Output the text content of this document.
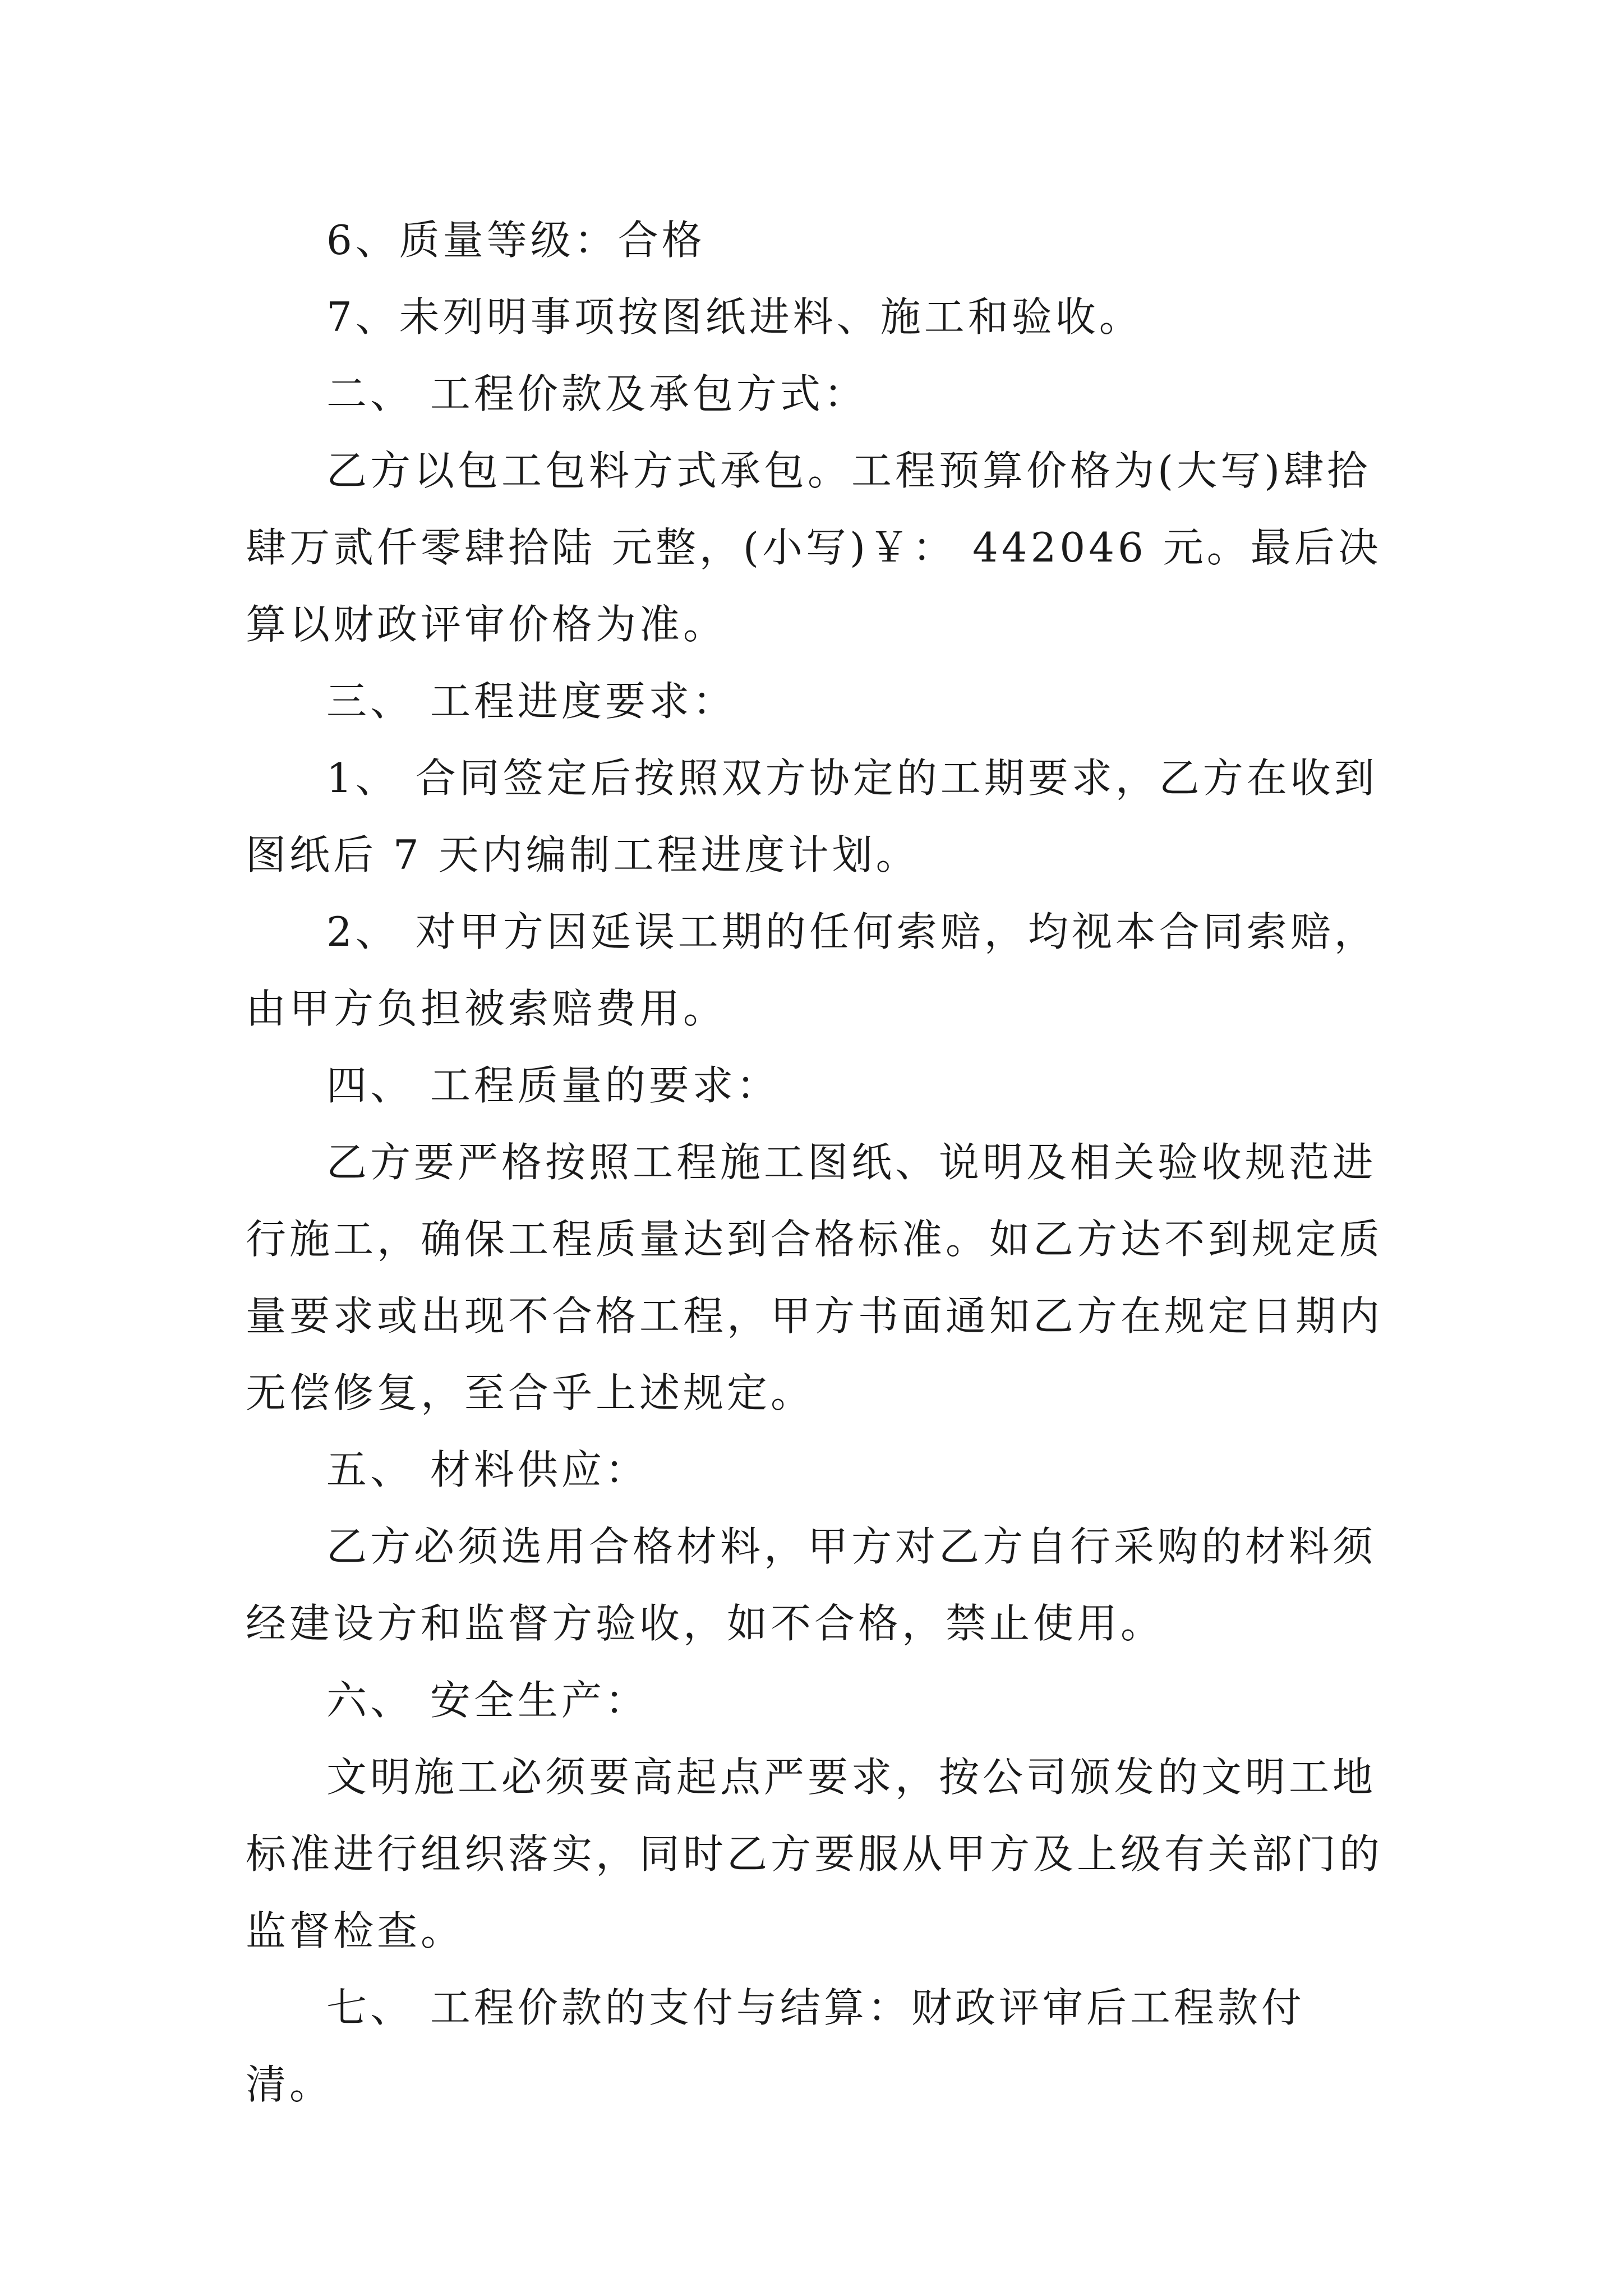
6、质量等级：合格

7、未列明事项按图纸进料、施工和验收。

二、 工程价款及承包方式：

乙方以包工包料方式承包。工程预算价格为(大写)肆拾肆万贰仟零肆拾陆 元整，(小写)￥： 442046 元。最后决算以财政评审价格为准。

三、 工程进度要求：

1、 合同签定后按照双方协定的工期要求，乙方在收到图纸后 7 天内编制工程进度计划。

2、 对甲方因延误工期的任何索赔，均视本合同索赔，由甲方负担被索赔费用。

四、 工程质量的要求：

乙方要严格按照工程施工图纸、说明及相关验收规范进行施工，确保工程质量达到合格标准。如乙方达不到规定质量要求或出现不合格工程，甲方书面通知乙方在规定日期内无偿修复，至合乎上述规定。

五、 材料供应：

乙方必须选用合格材料，甲方对乙方自行采购的材料须经建设方和监督方验收，如不合格，禁止使用。

六、 安全生产：

文明施工必须要高起点严要求，按公司颁发的文明工地标准进行组织落实，同时乙方要服从甲方及上级有关部门的监督检查。

七、 工程价款的支付与结算：财政评审后工程款付清。
